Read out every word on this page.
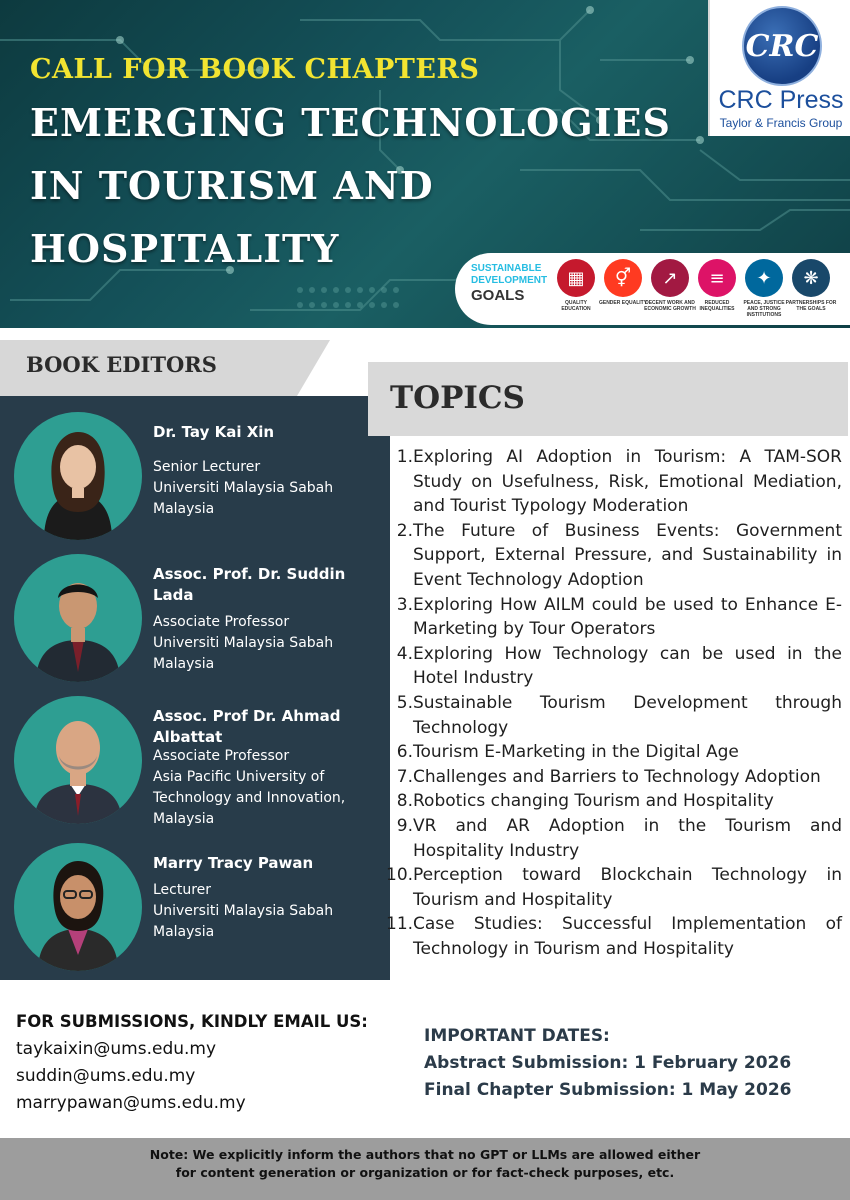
CALL FOR BOOK CHAPTERS
EMERGING TECHNOLOGIES
IN TOURISM AND
HOSPITALITY
CRC
CRC Press
Taylor & Francis Group
SUSTAINABLE
DEVELOPMENT
GOALS
▦
QUALITY EDUCATION
⚥
GENDER EQUALITY
↗
DECENT WORK AND ECONOMIC GROWTH
≡
REDUCED INEQUALITIES
✦
PEACE, JUSTICE AND STRONG INSTITUTIONS
❋
PARTNERSHIPS FOR THE GOALS
BOOK EDITORS
Dr. Tay Kai Xin
Senior Lecturer
Universiti Malaysia Sabah
Malaysia
Assoc. Prof. Dr. Suddin Lada
Associate Professor
Universiti Malaysia Sabah
Malaysia
Assoc. Prof Dr. Ahmad Albattat
Associate Professor
Asia Pacific University of
Technology and Innovation,
Malaysia
Marry Tracy Pawan
Lecturer
Universiti Malaysia Sabah
Malaysia
TOPICS
1. Exploring AI Adoption in Tourism: A TAM-SOR Study on Usefulness, Risk, Emotional Mediation, and Tourist Typology Moderation
2. The Future of Business Events: Government Support, External Pressure, and Sustainability in Event Technology Adoption
3. Exploring How AILM could be used to Enhance E-Marketing by Tour Operators
4. Exploring How Technology can be used in the Hotel Industry
5. Sustainable Tourism Development through Technology
6. Tourism E-Marketing in the Digital Age
7. Challenges and Barriers to Technology Adoption
8. Robotics changing Tourism and Hospitality
9. VR and AR Adoption in the Tourism and Hospitality Industry
10. Perception toward Blockchain Technology in Tourism and Hospitality
11. Case Studies: Successful Implementation of Technology in Tourism and Hospitality
FOR SUBMISSIONS, KINDLY EMAIL US:
taykaixin@ums.edu.my
suddin@ums.edu.my
marrypawan@ums.edu.my
IMPORTANT DATES:
Abstract Submission: 1 February 2026
Final Chapter Submission: 1 May 2026

Note: We explicitly inform the authors that no GPT or LLMs are allowed either

for content generation or organization or for fact-check purposes, etc.
